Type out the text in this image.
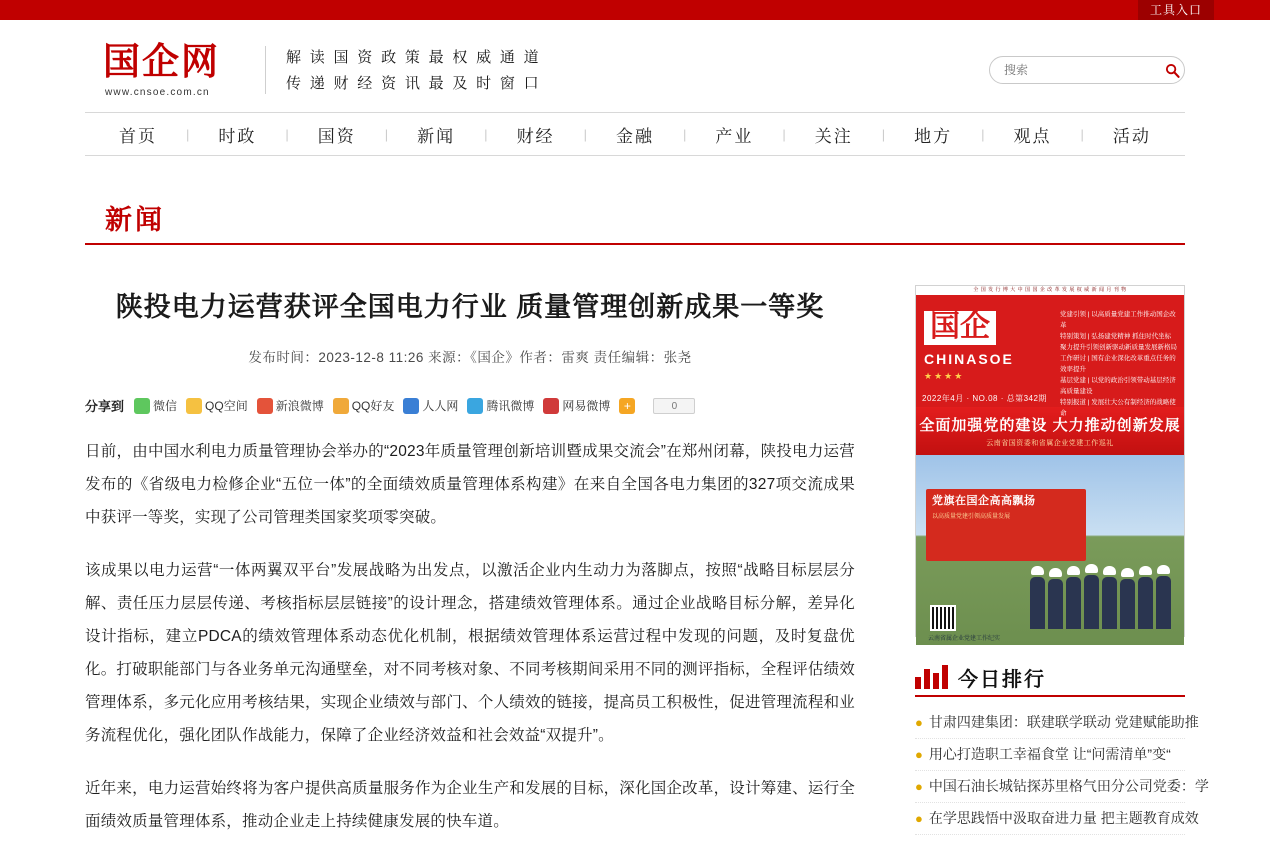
工具入口
国企网
www.cnsoe.com.cn
解 读 国 资 政 策 最 权 威 通 道
传 递 财 经 资 讯 最 及 时 窗 口
搜索
首页 | 时政 | 国资 | 新闻 | 财经 | 金融 | 产业 | 关注 | 地方 | 观点 | 活动
新闻
陕投电力运营获评全国电力行业 质量管理创新成果一等奖
发布时间：2023-12-8 11:26 来源：《国企》作者：雷爽 责任编辑：张尧
分享到 微信 QQ空间 新浪微博 QQ好友 人人网 腾讯微博 网易微博	+	0

日前，由中国水利电力质量管理协会举办的“2023年质量管理创新培训暨成果交流会”在郑州闭幕，陕投电力运营发布的《省级电力检修企业“五位一体”的全面绩效质量管理体系构建》在来自全国各电力集团的327项交流成果中获评一等奖，实现了公司管理类国家奖项零突破。

该成果以电力运营“一体两翼双平台”发展战略为出发点，以激活企业内生动力为落脚点，按照“战略目标层层分解、责任压力层层传递、考核指标层层链接”的设计理念，搭建绩效管理体系。通过企业战略目标分解，差异化设计指标，建立PDCA的绩效管理体系动态优化机制，根据绩效管理体系运营过程中发现的问题，及时复盘优化。打破职能部门与各业务单元沟通壁垒，对不同考核对象、不同考核期间采用不同的测评指标，全程评估绩效管理体系，多元化应用考核结果，实现企业绩效与部门、个人绩效的链接，提高员工积极性，促进管理流程和业务流程优化，强化团队作战能力，保障了企业经济效益和社会效益“双提升”。

近年来，电力运营始终将为客户提供高质量服务作为企业生产和发展的目标，深化国企改革，设计筹建、运行全面绩效质量管理体系，推动企业走上持续健康发展的快车道。

全 国 发 行 博 大 中 国 国 企 改 革 发 展 权 威 新 闻 月 刊 物
国企
CHINASOE
★★★★
2022年4月 · NO.08 · 总第342期
党建引领 | 以高质量党建工作推动国企改革
特别策划 | 弘扬建党精神 抓住时代坐标
聚力提升引领创新驱动新质量发展新格局
工作研讨 | 国有企业深化改革重点任务的效率提升
基层党建 | 以党的政治引领带动基层经济高质量建设
特别报道 | 发展壮大公有制经济的战略使命
全面加强党的建设 大力推动创新发展
云南省国资委和省属企业党建工作巡礼
党旗在国企高高飘扬
以高质量党建引领高质量发展
云南省属企业党建工作纪实
今日排行
● 甘肃四建集团：联建联学联动 党建赋能助推
● 用心打造职工幸福食堂 让“问需清单”变“
● 中国石油长城钻探苏里格气田分公司党委：学
● 在学思践悟中汲取奋进力量 把主题教育成效
